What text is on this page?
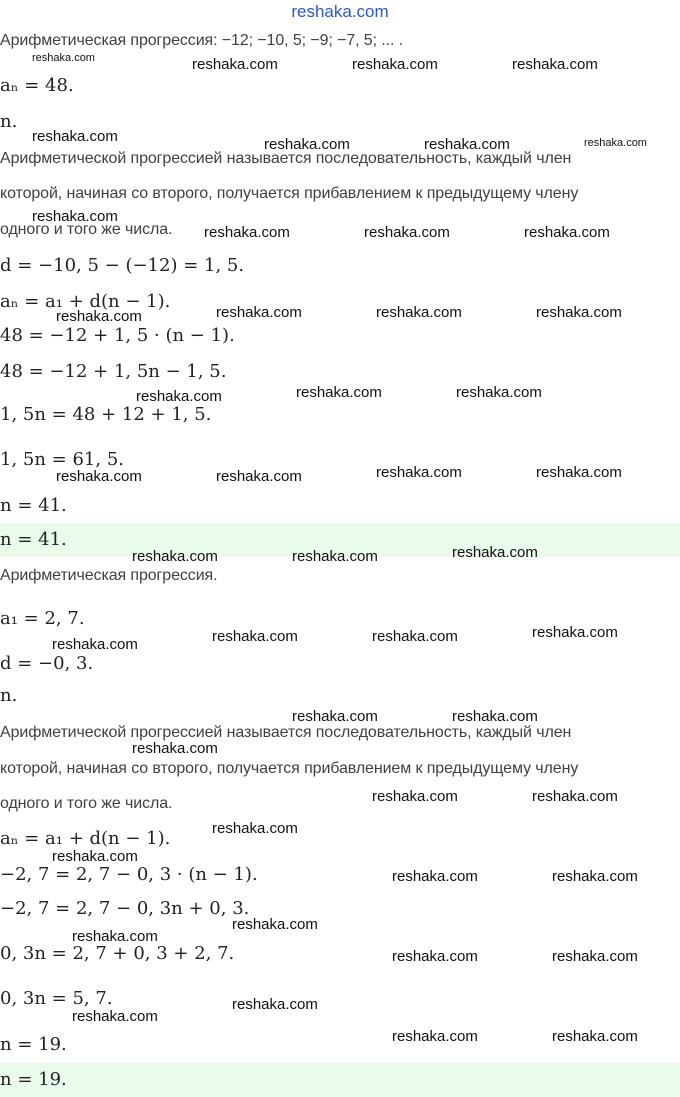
reshaka.com
Арифметическая прогрессия: −12; −10, 5; −9; −7, 5; ... .
aₙ = 48.
n.
Арифметической прогрессией называется последовательность, каждый член
которой, начиная со второго, получается прибавлением к предыдущему члену
одного и того же числа.
d = −10, 5 − (−12) = 1, 5.
aₙ = a₁ + d(n − 1).
48 = −12 + 1, 5 · (n − 1).
48 = −12 + 1, 5n − 1, 5.
1, 5n = 48 + 12 + 1, 5.
1, 5n = 61, 5.
n = 41.
n = 41.
Арифметическая прогрессия.
a₁ = 2, 7.
d = −0, 3.
n.
Арифметической прогрессией называется последовательность, каждый член
которой, начиная со второго, получается прибавлением к предыдущему члену
одного и того же числа.
aₙ = a₁ + d(n − 1).
−2, 7 = 2, 7 − 0, 3 · (n − 1).
−2, 7 = 2, 7 − 0, 3n + 0, 3.
0, 3n = 2, 7 + 0, 3 + 2, 7.
0, 3n = 5, 7.
n = 19.
n = 19.
reshaka.com	reshaka.com	reshaka.com	reshaka.com
reshaka.com	reshaka.com	reshaka.com	reshaka.com
reshaka.com
reshaka.com	reshaka.com	reshaka.com
reshaka.com	reshaka.com	reshaka.com	reshaka.com
reshaka.com	reshaka.com	reshaka.com
reshaka.com	reshaka.com	reshaka.com	reshaka.com
reshaka.com	reshaka.com	reshaka.com
reshaka.com	reshaka.com	reshaka.com	reshaka.com
reshaka.com	reshaka.com
reshaka.com
reshaka.com	reshaka.com
reshaka.com
reshaka.com
reshaka.com	reshaka.com
reshaka.com
reshaka.com
reshaka.com	reshaka.com
reshaka.com
reshaka.com
reshaka.com	reshaka.com
